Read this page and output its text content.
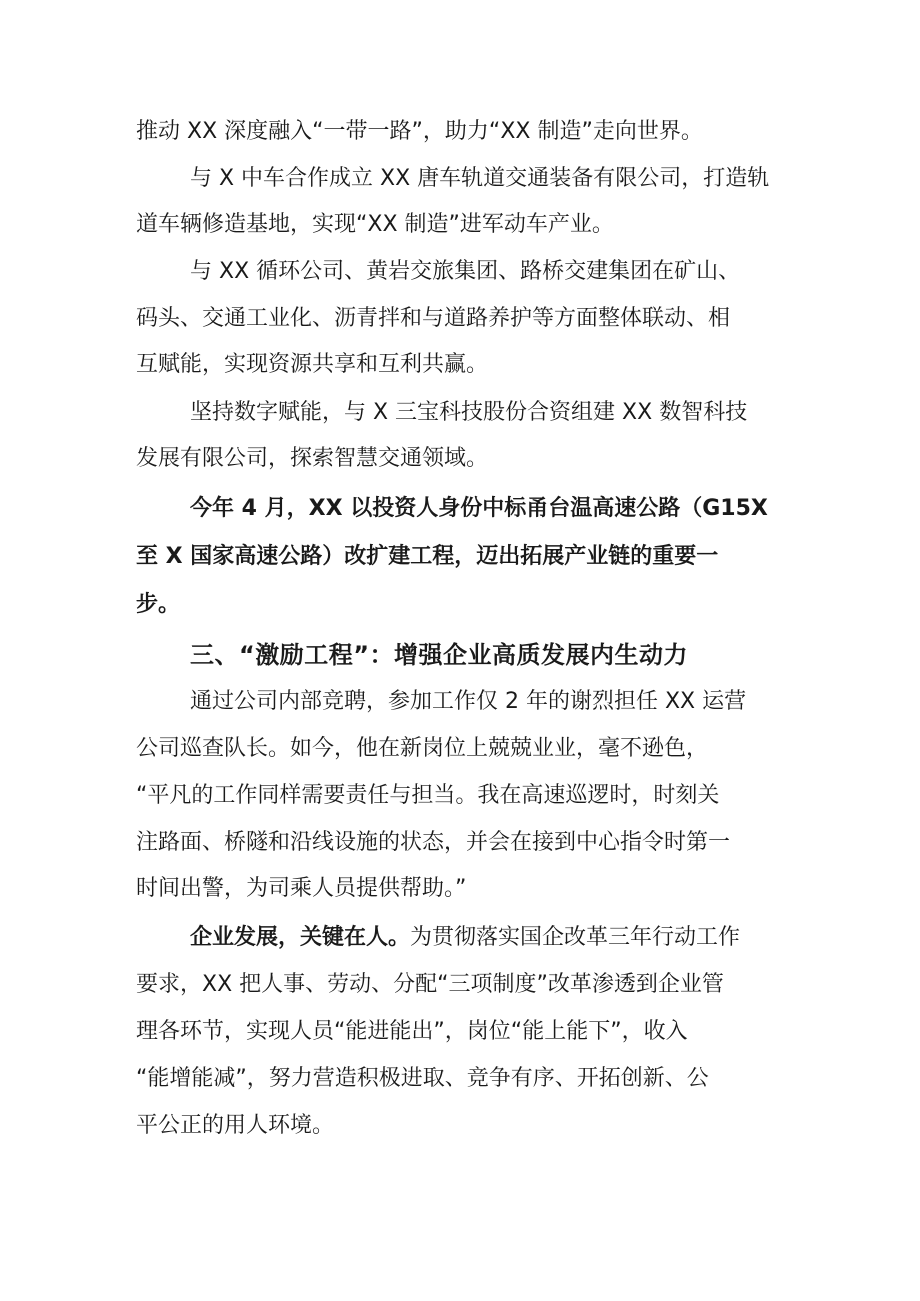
推动 XX 深度融入“一带一路”，助力“XX 制造”走向世界。
与 X 中车合作成立 XX 唐车轨道交通装备有限公司，打造轨
道车辆修造基地，实现“XX 制造”进军动车产业。
与 XX 循环公司、黄岩交旅集团、路桥交建集团在矿山、
码头、交通工业化、沥青拌和与道路养护等方面整体联动、相
互赋能，实现资源共享和互利共赢。
坚持数字赋能，与 X 三宝科技股份合资组建 XX 数智科技
发展有限公司，探索智慧交通领域。
今年 4 月，XX 以投资人身份中标甬台温高速公路（G15X
至 X 国家高速公路）改扩建工程，迈出拓展产业链的重要一
步。
三、“激励工程”：增强企业高质发展内生动力
通过公司内部竞聘，参加工作仅 2 年的谢烈担任 XX 运营
公司巡查队长。如今，他在新岗位上兢兢业业，毫不逊色，
“平凡的工作同样需要责任与担当。我在高速巡逻时，时刻关
注路面、桥隧和沿线设施的状态，并会在接到中心指令时第一
时间出警，为司乘人员提供帮助。”
企业发展，关键在人。为贯彻落实国企改革三年行动工作
要求，XX 把人事、劳动、分配“三项制度”改革渗透到企业管
理各环节，实现人员“能进能出”，岗位“能上能下”，收入
“能增能减”，努力营造积极进取、竞争有序、开拓创新、公
平公正的用人环境。
